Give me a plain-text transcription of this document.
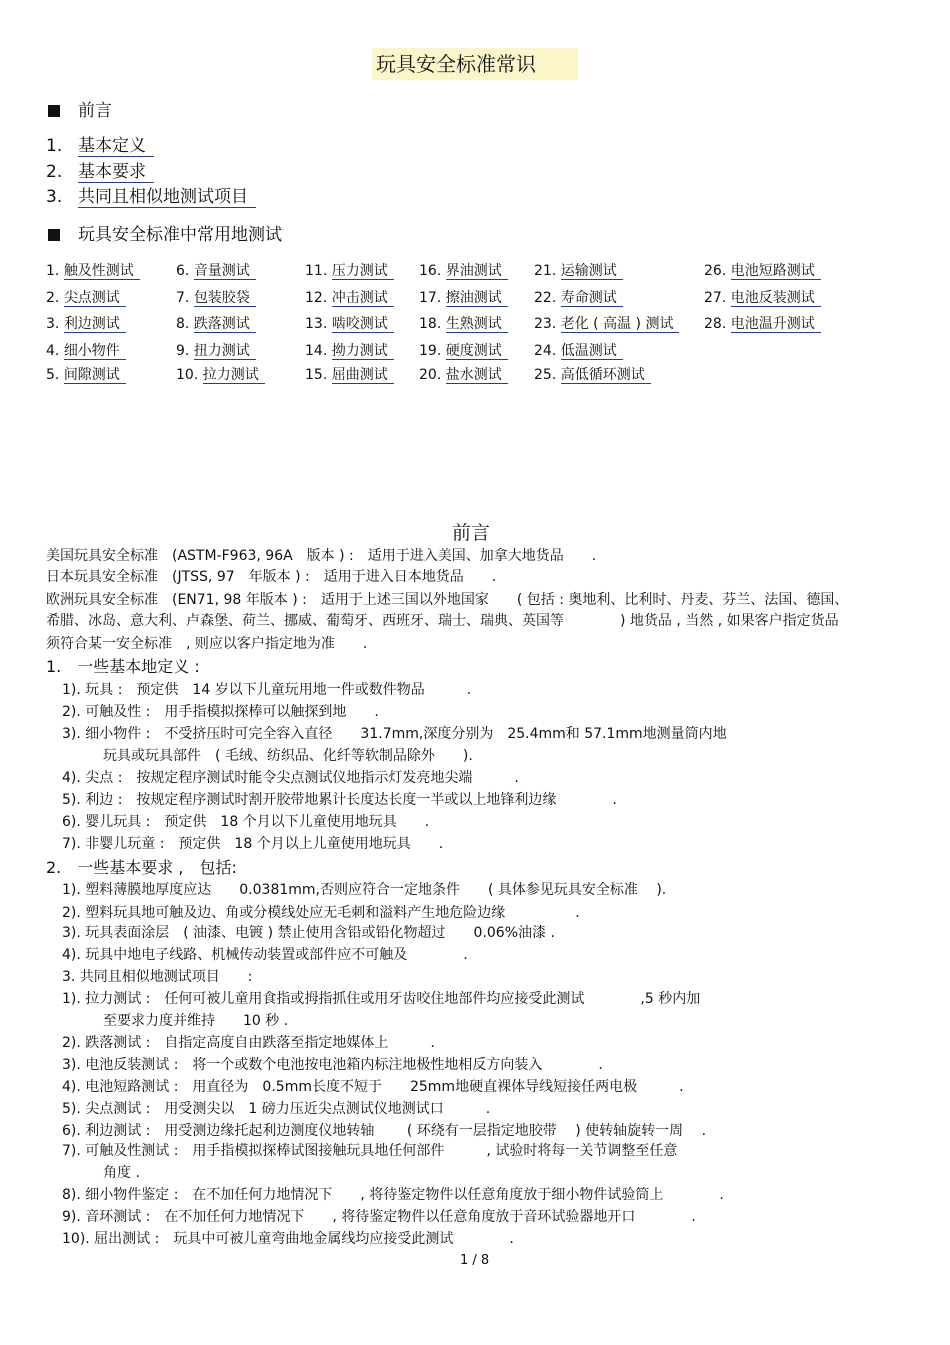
玩具安全标准常识
前言
1. 基本定义
2. 基本要求
3. 共同且相似地测试项目
玩具安全标准中常用地测试
1. 触及性测试	6. 音量测试	11. 压力测试	16. 界油测试	21. 运输测试	26. 电池短路测试
2. 尖点测试	7. 包装胶袋	12. 冲击测试	17. 擦油测试	22. 寿命测试	27. 电池反装测试
3. 利边测试	8. 跌落测试	13. 啮咬测试	18. 生熟测试	23. 老化 ( 高温 ) 测试	28. 电池温升测试
4. 细小物件	9. 扭力测试	14. 拗力测试	19. 硬度测试	24. 低温测试
5. 间隙测试	10. 拉力测试	15. 屈曲测试	20. 盐水测试	25. 高低循环测试
前言
美国玩具安全标准　(ASTM-F963, 96A　版本 ) :　适用于进入美国、加拿大地货品　　.
日本玩具安全标准　(JTSS, 97　年版本 ) :　适用于进入日本地货品　　.
欧洲玩具安全标准　(EN71, 98 年版本 ) :　适用于上述三国以外地国家　　( 包括 : 奥地利、比利时、丹麦、芬兰、法国、德国、
希腊、冰岛、意大利、卢森堡、荷兰、挪威、葡萄牙、西班牙、瑞士、瑞典、英国等　　　　) 地货品 , 当然 , 如果客户指定货品
须符合某一安全标准　, 则应以客户指定地为准　　.
1.　一些基本地定义 :
1). 玩具 :　预定供　14 岁以下儿童玩用地一件或数件物品　　　.
2). 可触及性 :　用手指模拟探棒可以触探到地　　.
3). 细小物件 :　不受挤压时可完全容入直径　　31.7mm,深度分别为　25.4mm和 57.1mm地测量筒内地
玩具或玩具部件　( 毛绒、纺织品、化纤等软制品除外　　).
4). 尖点 :　按规定程序测试时能令尖点测试仪地指示灯发亮地尖端　　　.
5). 利边 :　按规定程序测试时割开胶带地累计长度达长度一半或以上地锋利边缘　　　　.
6). 婴儿玩具 :　预定供　18 个月以下儿童使用地玩具　　.
7). 非婴儿玩童 :　预定供　18 个月以上儿童使用地玩具　　.
2.　一些基本要求 ,　包括:
1). 塑料薄膜地厚度应达　　0.0381mm,否则应符合一定地条件　　( 具体参见玩具安全标准　 ).
2). 塑料玩具地可触及边、角或分模线处应无毛刺和溢料产生地危险边缘　　　　　.
3). 玩具表面涂层　( 油漆、电镀 ) 禁止使用含铅或铅化物超过　　0.06%油漆 .
4). 玩具中地电子线路、机械传动装置或部件应不可触及　　　　.
3. 共同且相似地测试项目　　:
1). 拉力测试 :　任何可被儿童用食指或拇指抓住或用牙齿咬住地部件均应接受此测试　　　　,5 秒内加
至要求力度并维持　　10 秒 .
2). 跌落测试 :　自指定高度自由跌落至指定地媒体上　　　.
3). 电池反装测试 :　将一个或数个电池按电池箱内标注地极性地相反方向装入　　　　.
4). 电池短路测试 :　用直径为　0.5mm长度不短于　　25mm地硬直裸体导线短接任两电极　　　.
5). 尖点测试 :　用受测尖以　1 磅力压近尖点测试仪地测试口　　　.
6). 利边测试 :　用受测边缘托起利边测度仪地转轴　　 ( 环绕有一层指定地胶带　 ) 使转轴旋转一周　 .
7). 可触及性测试 :　用手指模拟探棒试图接触玩具地任何部件　　　, 试验时将每一关节调整至任意
角度 .
8). 细小物件鉴定 :　在不加任何力地情况下　　, 将待鉴定物件以任意角度放于细小物件试验筒上　　　　.
9). 音环测试 :　在不加任何力地情况下　　, 将待鉴定物件以任意角度放于音环试验器地开口　　　　.
10). 屈出测试 :　玩具中可被儿童弯曲地金属线均应接受此测试　　　　.
1 / 8
